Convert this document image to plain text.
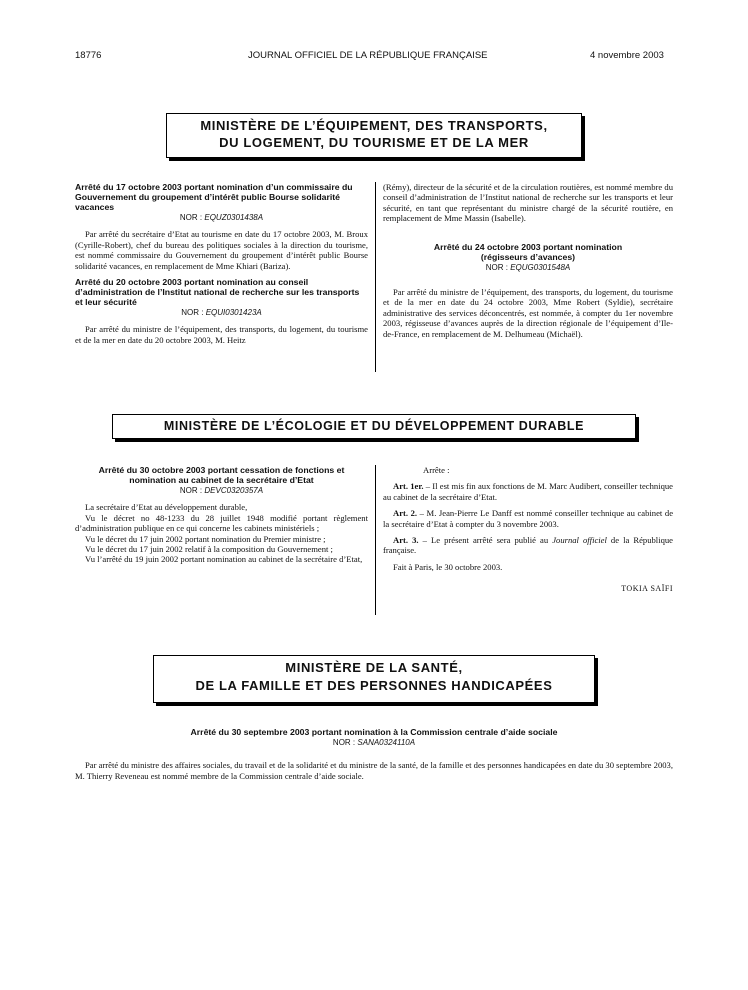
18776	JOURNAL OFFICIEL DE LA RÉPUBLIQUE FRANÇAISE	4 novembre 2003
MINISTÈRE DE L’ÉQUIPEMENT, DES TRANSPORTS,
DU LOGEMENT, DU TOURISME ET DE LA MER
Arrêté du 17 octobre 2003 portant nomination d’un commissaire du Gouvernement du groupement d’intérêt public Bourse solidarité vacances
NOR : EQUZ0301438A

Par arrêté du secrétaire d’Etat au tourisme en date du 17 octobre 2003, M. Broux (Cyrille-Robert), chef du bureau des politiques sociales à la direction du tourisme, est nommé commissaire du Gouvernement du groupement d’intérêt public Bourse solidarité vacances, en remplacement de Mme Khiari (Bariza).

Arrêté du 20 octobre 2003 portant nomination au conseil d’administration de l’Institut national de recherche sur les transports et leur sécurité
NOR : EQUI0301423A

Par arrêté du ministre de l’équipement, des transports, du logement, du tourisme et de la mer en date du 20 octobre 2003, M. Heitz

(Rémy), directeur de la sécurité et de la circulation routières, est nommé membre du conseil d’administration de l’Institut national de recherche sur les transports et leur sécurité, en tant que représentant du ministre chargé de la sécurité routière, en remplacement de Mme Massin (Isabelle).

Arrêté du 24 octobre 2003 portant nomination
(régisseurs d’avances)
NOR : EQUG0301548A

Par arrêté du ministre de l’équipement, des transports, du logement, du tourisme et de la mer en date du 24 octobre 2003, Mme Robert (Syldie), secrétaire administrative des services déconcentrés, est nommée, à compter du 1er novembre 2003, régisseuse d’avances auprès de la direction régionale de l’équipement d’Ile-de-France, en remplacement de M. Delhumeau (Michaël).

MINISTÈRE DE L’ÉCOLOGIE ET DU DÉVELOPPEMENT DURABLE
Arrêté du 30 octobre 2003 portant cessation de fonctions et nomination au cabinet de la secrétaire d’Etat
NOR : DEVC0320357A

La secrétaire d’Etat au développement durable,

Vu le décret no 48-1233 du 28 juillet 1948 modifié portant règlement d’administration publique en ce qui concerne les cabinets ministériels ;

Vu le décret du 17 juin 2002 portant nomination du Premier ministre ;

Vu le décret du 17 juin 2002 relatif à la composition du Gouvernement ;

Vu l’arrêté du 19 juin 2002 portant nomination au cabinet de la secrétaire d’Etat,

Arrête :

Art. 1er. – Il est mis fin aux fonctions de M. Marc Audibert, conseiller technique au cabinet de la secrétaire d’Etat.

Art. 2. – M. Jean-Pierre Le Danff est nommé conseiller technique au cabinet de la secrétaire d’Etat à compter du 3 novembre 2003.

Art. 3. – Le présent arrêté sera publié au Journal officiel de la République française.

Fait à Paris, le 30 octobre 2003.

TOKIA SAÏFI
MINISTÈRE DE LA SANTÉ,
DE LA FAMILLE ET DES PERSONNES HANDICAPÉES
Arrêté du 30 septembre 2003 portant nomination à la Commission centrale d’aide sociale
NOR : SANA0324110A

Par arrêté du ministre des affaires sociales, du travail et de la solidarité et du ministre de la santé, de la famille et des personnes handicapées en date du 30 septembre 2003, M. Thierry Reveneau est nommé membre de la Commission centrale d’aide sociale.
